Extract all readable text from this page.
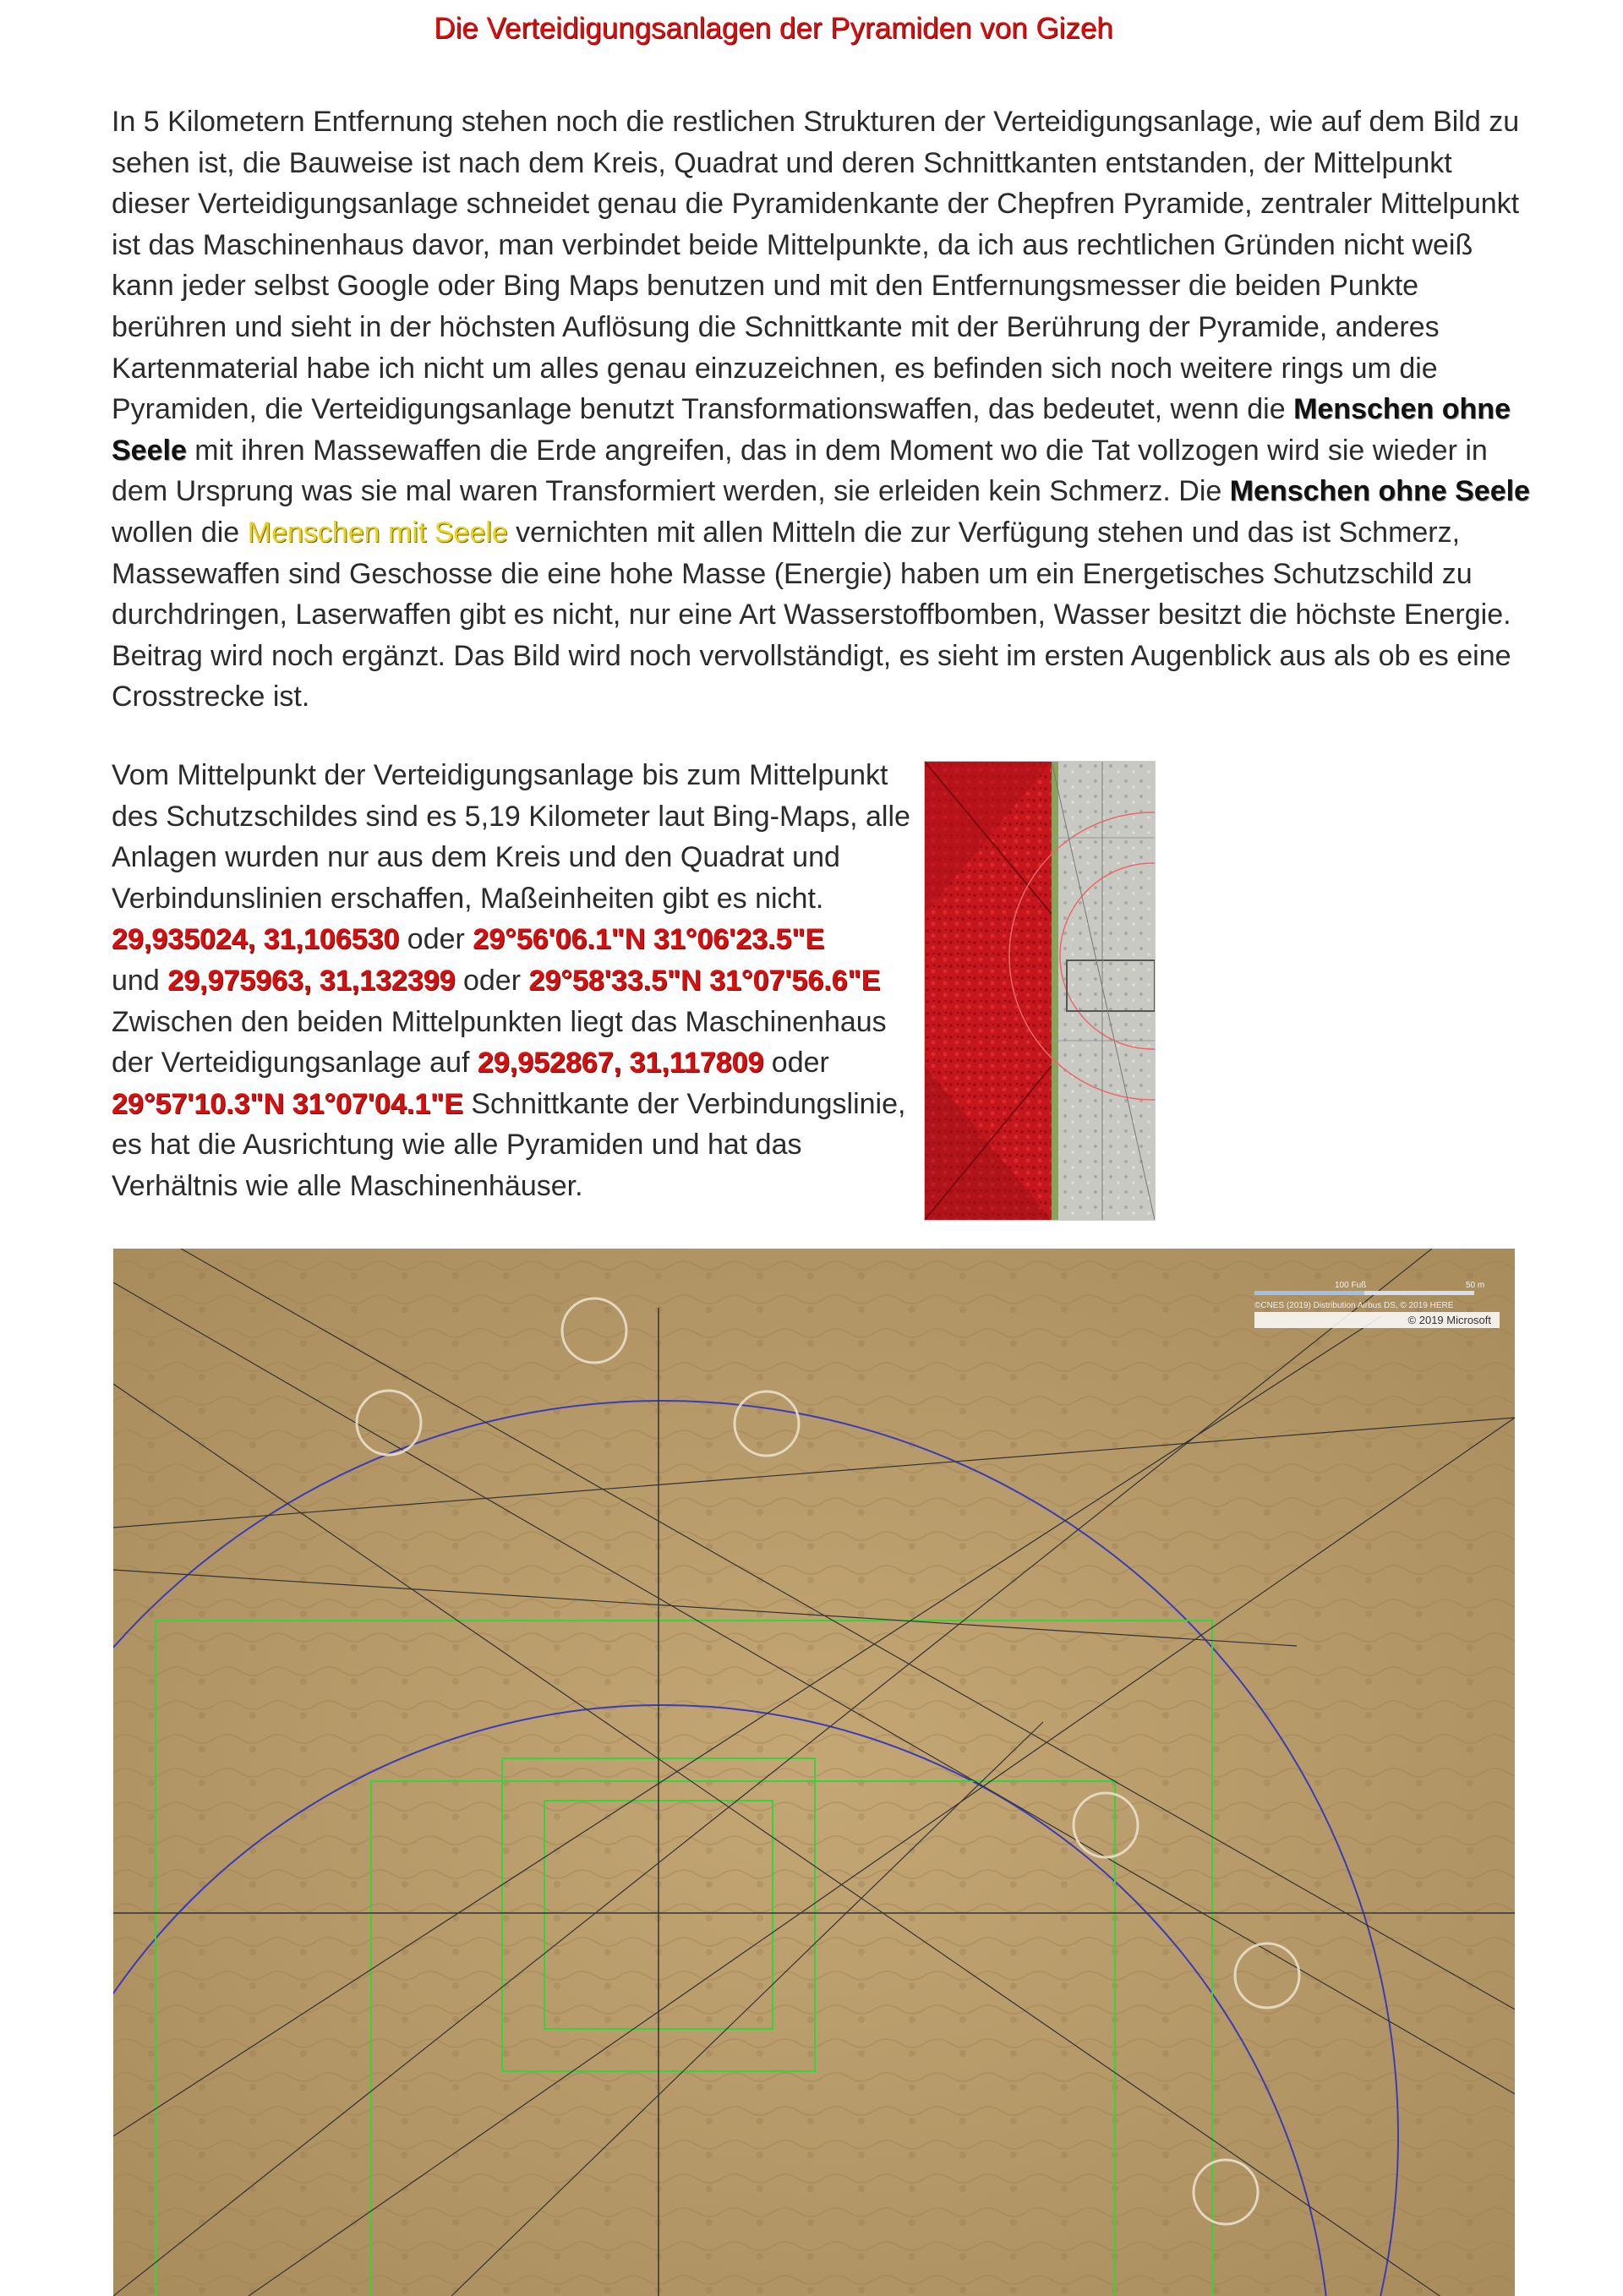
Die Verteidigungsanlagen der Pyramiden von Gizeh

In 5 Kilometern Entfernung stehen noch die restlichen Strukturen der Verteidigungsanlage, wie auf dem Bild zu sehen ist, die Bauweise ist nach dem Kreis, Quadrat und deren Schnittkanten entstanden, der Mittelpunkt dieser Verteidigungsanlage schneidet genau die Pyramidenkante der Chepfren Pyramide, zentraler Mittelpunkt ist das Maschinenhaus davor, man verbindet beide Mittelpunkte, da ich aus rechtlichen Gründen nicht weiß kann jeder selbst Google oder Bing Maps benutzen und mit den Entfernungsmesser die beiden Punkte berühren und sieht in der höchsten Auflösung die Schnittkante mit der Berührung der Pyramide, anderes Kartenmaterial habe ich nicht um alles genau einzuzeichnen, es befinden sich noch weitere rings um die Pyramiden, die Verteidigungsanlage benutzt Transformationswaffen, das bedeutet, wenn die Menschen ohne Seele mit ihren Massewaffen die Erde angreifen, das in dem Moment wo die Tat vollzogen wird sie wieder in dem Ursprung was sie mal waren Transformiert werden, sie erleiden kein Schmerz. Die Menschen ohne Seele wollen die Menschen mit Seele vernichten mit allen Mitteln die zur Verfügung stehen und das ist Schmerz, Massewaffen sind Geschosse die eine hohe Masse (Energie) haben um ein Energetisches Schutzschild zu durchdringen, Laserwaffen gibt es nicht, nur eine Art Wasserstoffbomben, Wasser besitzt die höchste Energie.

Beitrag wird noch ergänzt. Das Bild wird noch vervollständigt, es sieht im ersten Augenblick aus als ob es eine Crosstrecke ist.

Vom Mittelpunkt der Verteidigungsanlage bis zum Mittelpunkt des Schutzschildes sind es 5,19 Kilometer laut Bing-Maps, alle Anlagen wurden nur aus dem Kreis und den Quadrat und Verbindunslinien erschaffen, Maßeinheiten gibt es nicht.
29,935024, 31,106530 oder 29°56'06.1"N 31°06'23.5"E
und 29,975963, 31,132399 oder 29°58'33.5"N 31°07'56.6"E
Zwischen den beiden Mittelpunkten liegt das Maschinenhaus der Verteidigungsanlage auf 29,952867, 31,117809 oder
29°57'10.3"N 31°07'04.1"E Schnittkante der Verbindungslinie, es hat die Ausrichtung wie alle Pyramiden und hat das Verhältnis wie alle Maschinenhäuser.

100 Fuß	50 m
©CNES (2019) Distribution Airbus DS, © 2019 HERE
© 2019 Microsoft
